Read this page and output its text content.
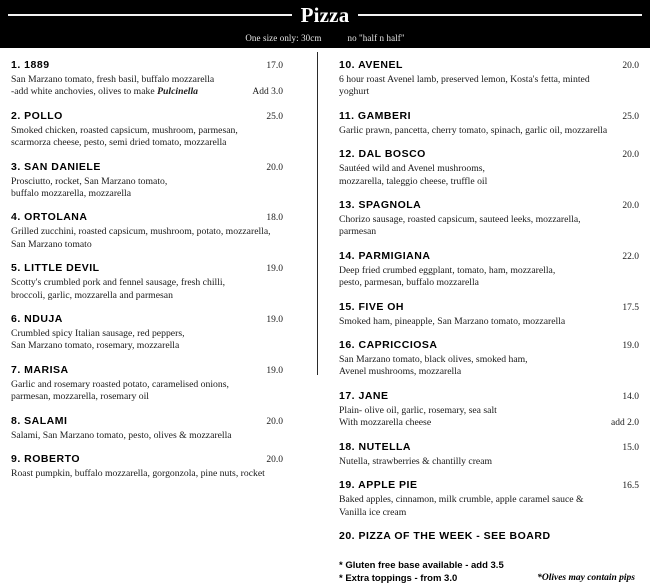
Pizza
One size only: 30cm	no "half n half"
1. 1889	17.0
San Marzano tomato, fresh basil, buffalo mozzarella
-add white anchovies, olives to make Pulcinella	Add 3.0
2. POLLO	25.0
Smoked chicken, roasted capsicum, mushroom, parmesan,
scarmorza cheese, pesto, semi dried tomato, mozzarella
3. SAN DANIELE	20.0
Prosciutto, rocket, San Marzano tomato,
buffalo mozzarella, mozzarella
4. ORTOLANA	18.0
Grilled zucchini, roasted capsicum, mushroom, potato, mozzarella,
San Marzano tomato
5. LITTLE DEVIL	19.0
Scotty's crumbled pork and fennel sausage, fresh chilli,
broccoli, garlic, mozzarella and parmesan
6. NDUJA	19.0
Crumbled spicy Italian sausage, red peppers,
San Marzano tomato, rosemary, mozzarella
7. MARISA	19.0
Garlic and rosemary roasted potato, caramelised onions,
parmesan, mozzarella, rosemary oil
8. SALAMI	20.0
Salami, San Marzano tomato, pesto, olives & mozzarella
9. ROBERTO	20.0
Roast pumpkin, buffalo mozzarella, gorgonzola, pine nuts, rocket
10. AVENEL	20.0
6 hour roast Avenel lamb, preserved lemon, Kosta's fetta, minted
yoghurt
11. GAMBERI	25.0
Garlic prawn, pancetta, cherry tomato, spinach, garlic oil, mozzarella
12. DAL BOSCO	20.0
Sautéed wild and Avenel mushrooms,
mozzarella, taleggio cheese, truffle oil
13. SPAGNOLA	20.0
Chorizo sausage, roasted capsicum, sauteed leeks, mozzarella,
parmesan
14. PARMIGIANA	22.0
Deep fried crumbed eggplant, tomato, ham, mozzarella,
pesto, parmesan, buffalo mozzarella
15. FIVE OH	17.5
Smoked ham, pineapple, San Marzano tomato, mozzarella
16. CAPRICCIOSA	19.0
San Marzano tomato, black olives, smoked ham,
Avenel mushrooms, mozzarella
17. JANE	14.0
Plain- olive oil, garlic, rosemary, sea salt
With mozzarella cheese	add 2.0
18. NUTELLA	15.0
Nutella, strawberries & chantilly cream
19. APPLE PIE	16.5
Baked apples, cinnamon, milk crumble, apple caramel sauce &
Vanilla ice cream
20. PIZZA OF THE WEEK - SEE BOARD
* Gluten free base available - add 3.5
* Extra toppings - from 3.0	*Olives may contain pips
